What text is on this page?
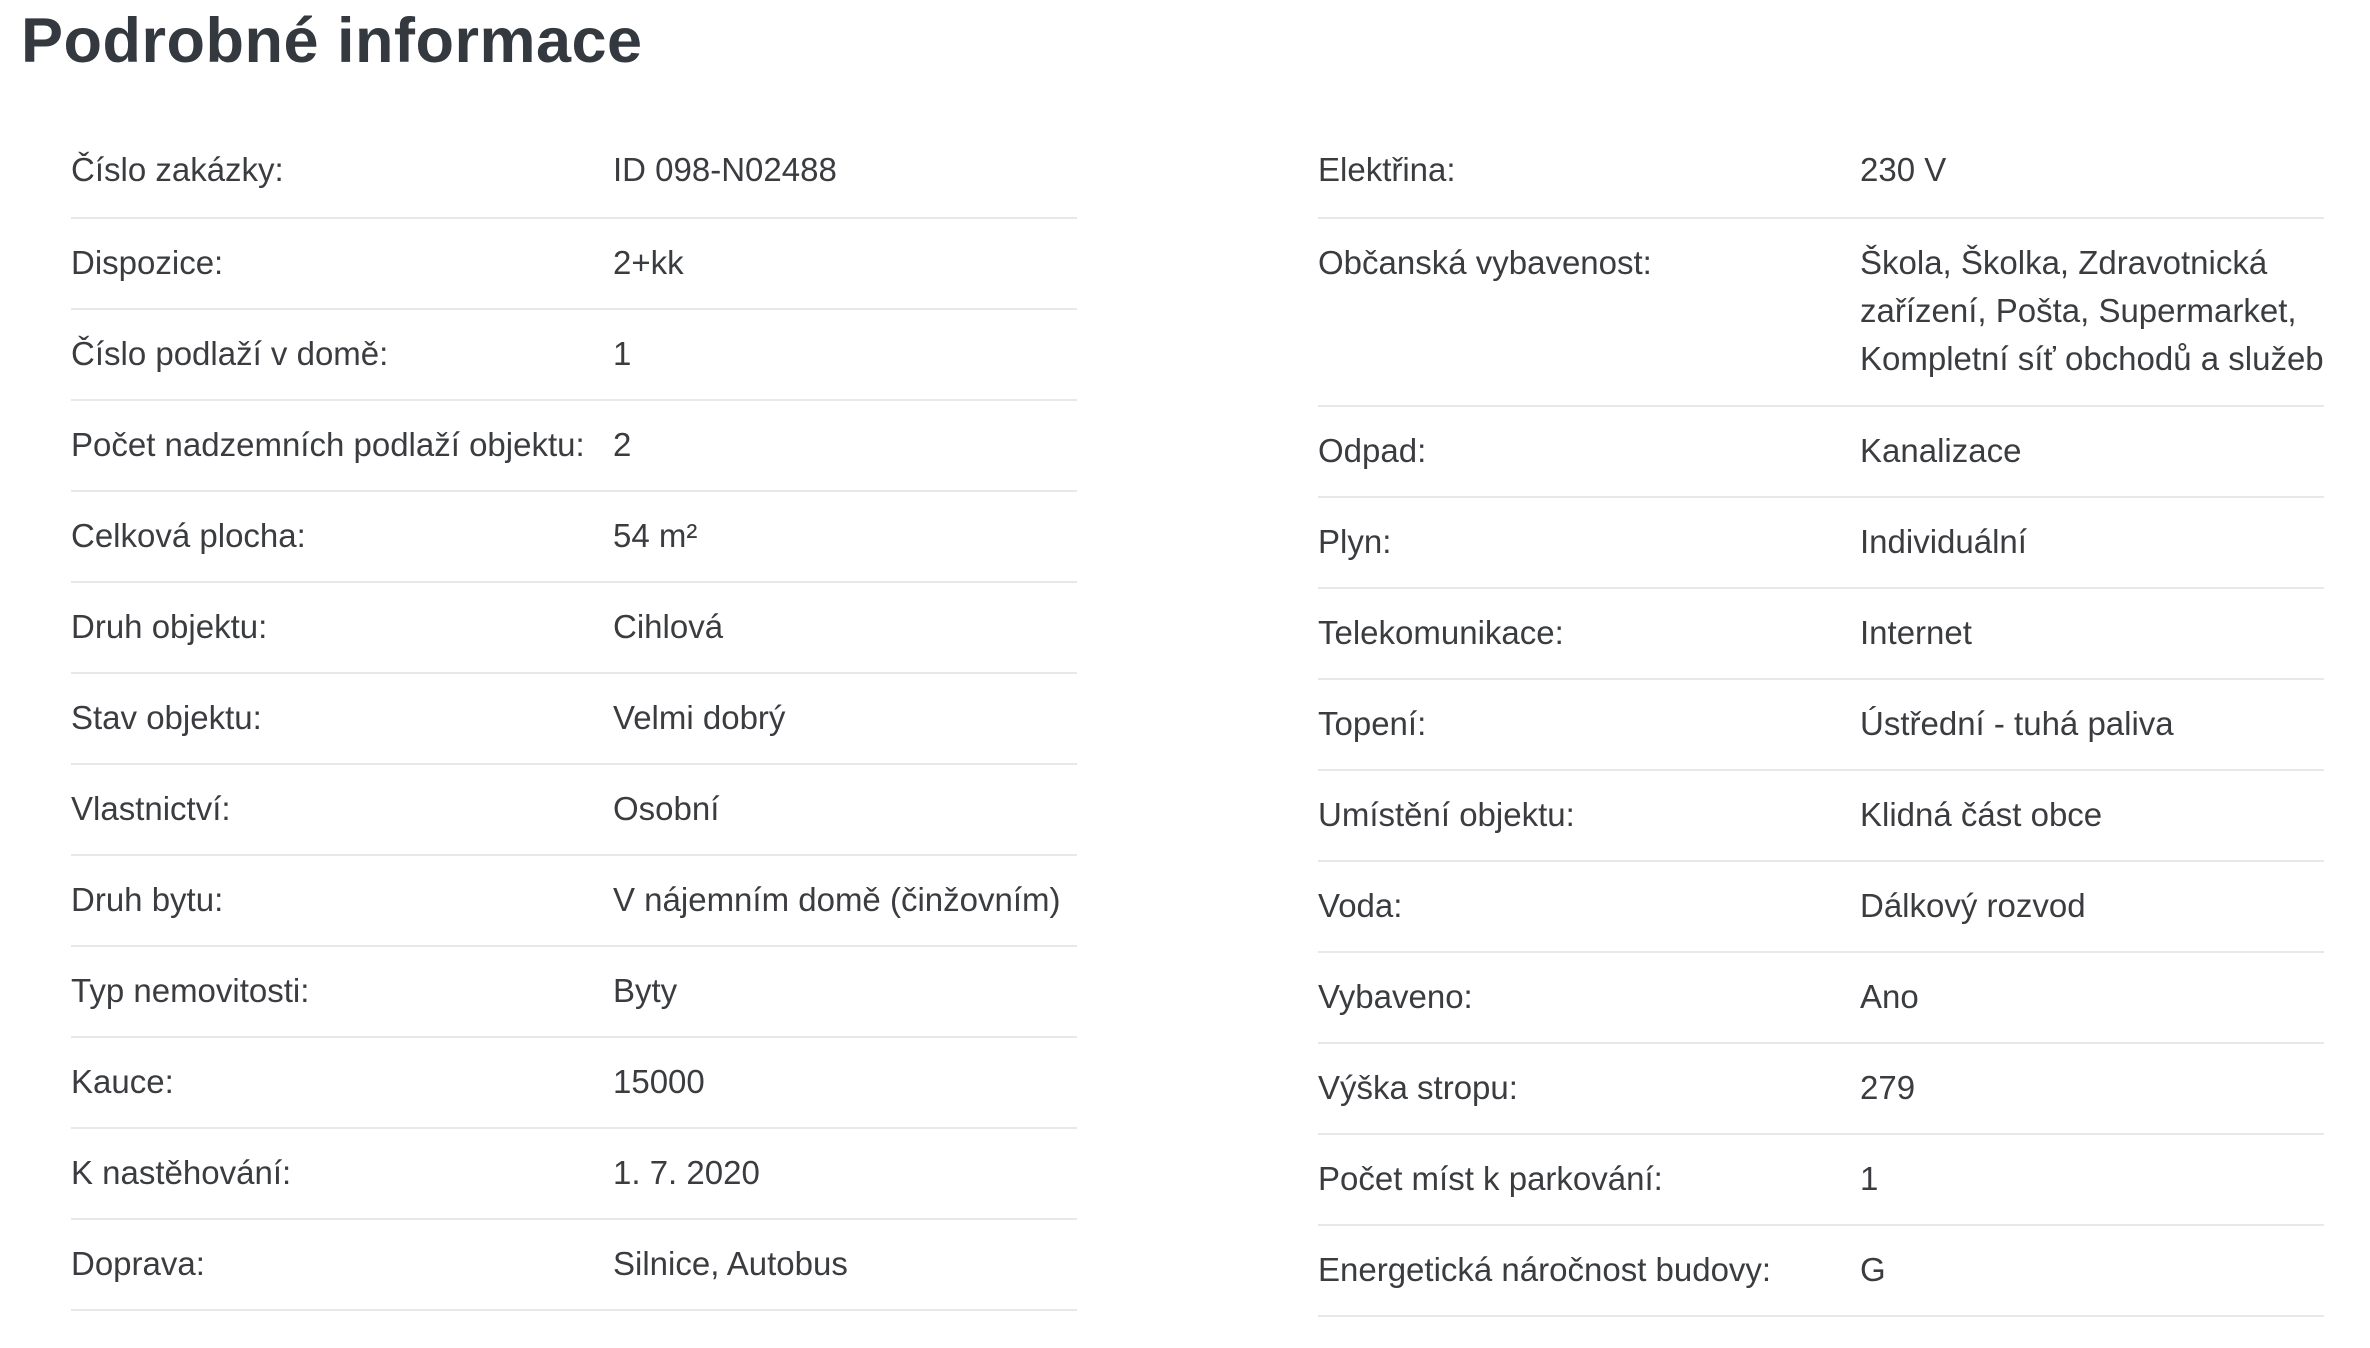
Podrobné informace
Číslo zakázky:	ID 098-N02488
Dispozice:	2+kk
Číslo podlaží v domě:	1
Počet nadzemních podlaží objektu: 2
Celková plocha:	54 m²
Druh objektu:	Cihlová
Stav objektu:	Velmi dobrý
Vlastnictví:	Osobní
Druh bytu:	V nájemním domě (činžovním)
Typ nemovitosti:	Byty
Kauce:	15000
K nastěhování:	1. 7. 2020
Doprava:	Silnice, Autobus
Elektřina:	230 V
Občanská vybavenost:	Škola, Školka, Zdravotnická zařízení, Pošta, Supermarket, Kompletní síť obchodů a služeb
Odpad:	Kanalizace
Plyn:	Individuální
Telekomunikace:	Internet
Topení:	Ústřední - tuhá paliva
Umístění objektu:	Klidná část obce
Voda:	Dálkový rozvod
Vybaveno:	Ano
Výška stropu:	279
Počet míst k parkování:	1
Energetická náročnost budovy:	G
